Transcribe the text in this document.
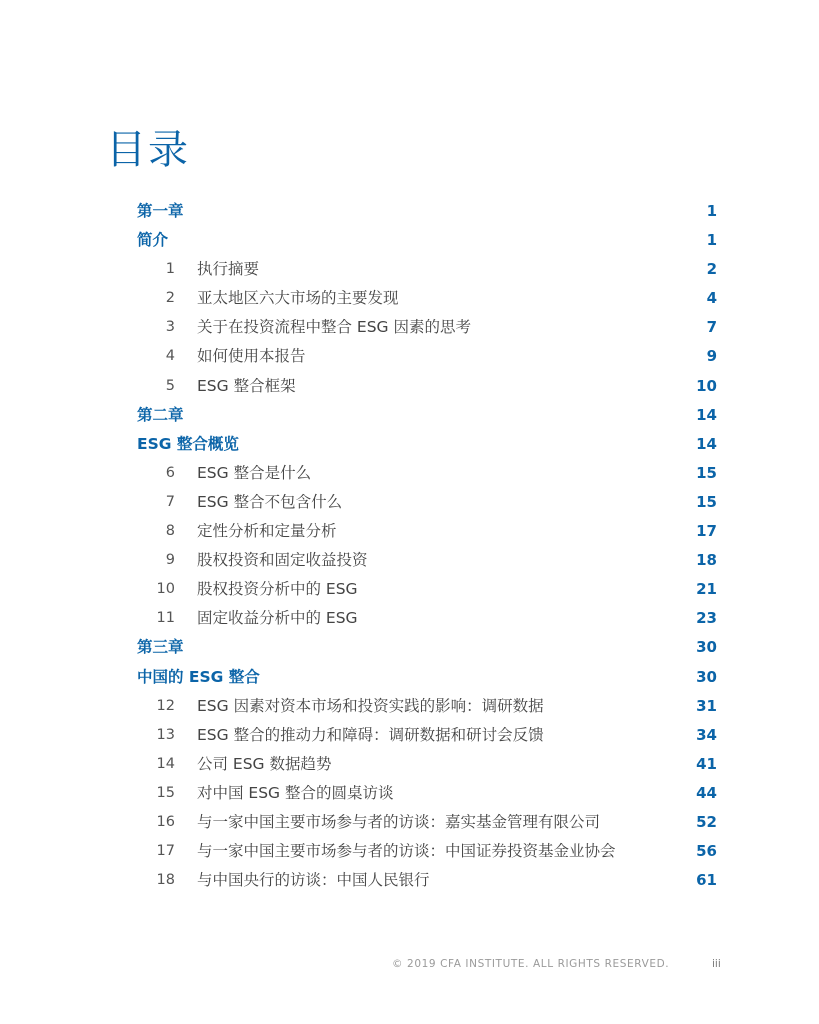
目录
第一章	1
简介	1
1 执行摘要	2
2 亚太地区六大市场的主要发现	4
3 关于在投资流程中整合 ESG 因素的思考	7
4 如何使用本报告	9
5 ESG 整合框架	10
第二章	14
ESG 整合概览	14
6 ESG 整合是什么	15
7 ESG 整合不包含什么	15
8 定性分析和定量分析	17
9 股权投资和固定收益投资	18
10 股权投资分析中的 ESG	21
11 固定收益分析中的 ESG	23
第三章	30
中国的 ESG 整合	30
12 ESG 因素对资本市场和投资实践的影响：调研数据	31
13 ESG 整合的推动力和障碍：调研数据和研讨会反馈	34
14 公司 ESG 数据趋势	41
15 对中国 ESG 整合的圆桌访谈	44
16 与一家中国主要市场参与者的访谈：嘉实基金管理有限公司	52
17 与一家中国主要市场参与者的访谈：中国证券投资基金业协会	56
18 与中国央行的访谈：中国人民银行	61
© 2019 CFA INSTITUTE. ALL RIGHTS RESERVED.	iii
